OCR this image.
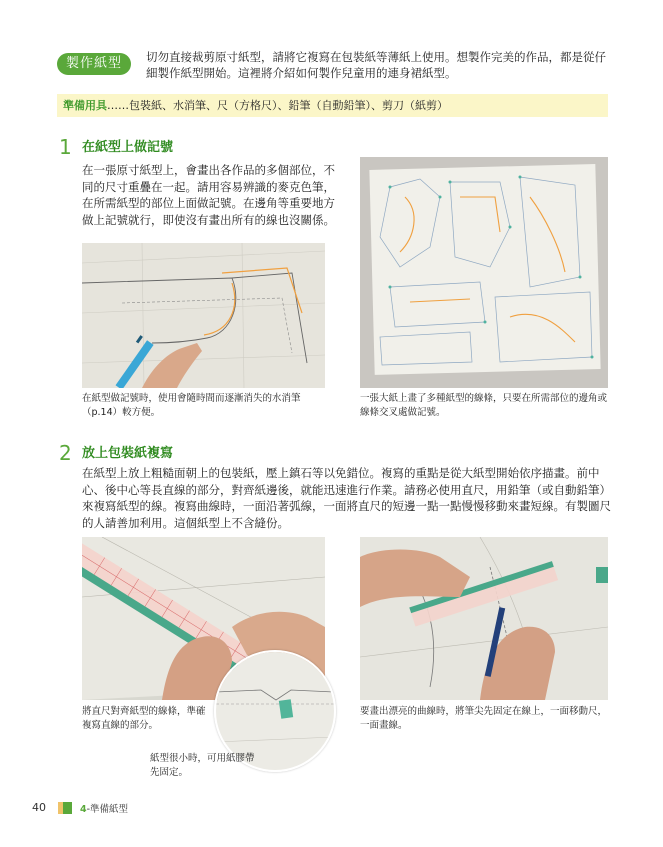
製作紙型	切勿直接裁剪原寸紙型，請將它複寫在包裝紙等薄紙上使用。想製作完美的作品，都是從仔細製作紙型開始。這裡將介紹如何製作兒童用的連身裙紙型。
準備用具……包裝紙、水消筆、尺（方格尺）、鉛筆（自動鉛筆）、剪刀（紙剪）
1 在紙型上做記號
在一張原寸紙型上，會畫出各作品的多個部位，不同的尺寸重疊在一起。請用容易辨識的麥克色筆，在所需紙型的部位上面做記號。在邊角等重要地方做上記號就行，即使沒有畫出所有的線也沒關係。
在紙型做記號時，使用會隨時間而逐漸消失的水消筆（p.14）較方便。
一張大紙上畫了多種紙型的線條，只要在所需部位的邊角或線條交叉處做記號。
2 放上包裝紙複寫
在紙型上放上粗糙面朝上的包裝紙，壓上鎮石等以免錯位。複寫的重點是從大紙型開始依序描畫。前中心、後中心等長直線的部分，對齊紙邊後，就能迅速進行作業。請務必使用直尺，用鉛筆（或自動鉛筆）來複寫紙型的線。複寫曲線時，一面沿著弧線，一面將直尺的短邊一點一點慢慢移動來畫短線。有製圖尺的人請善加利用。這個紙型上不含縫份。
將直尺對齊紙型的線條，準確複寫直線的部分。
紙型很小時，可用紙膠帶先固定。
要畫出漂亮的曲線時，將筆尖先固定在線上，一面移動尺，一面畫線。
40	4-準備紙型
